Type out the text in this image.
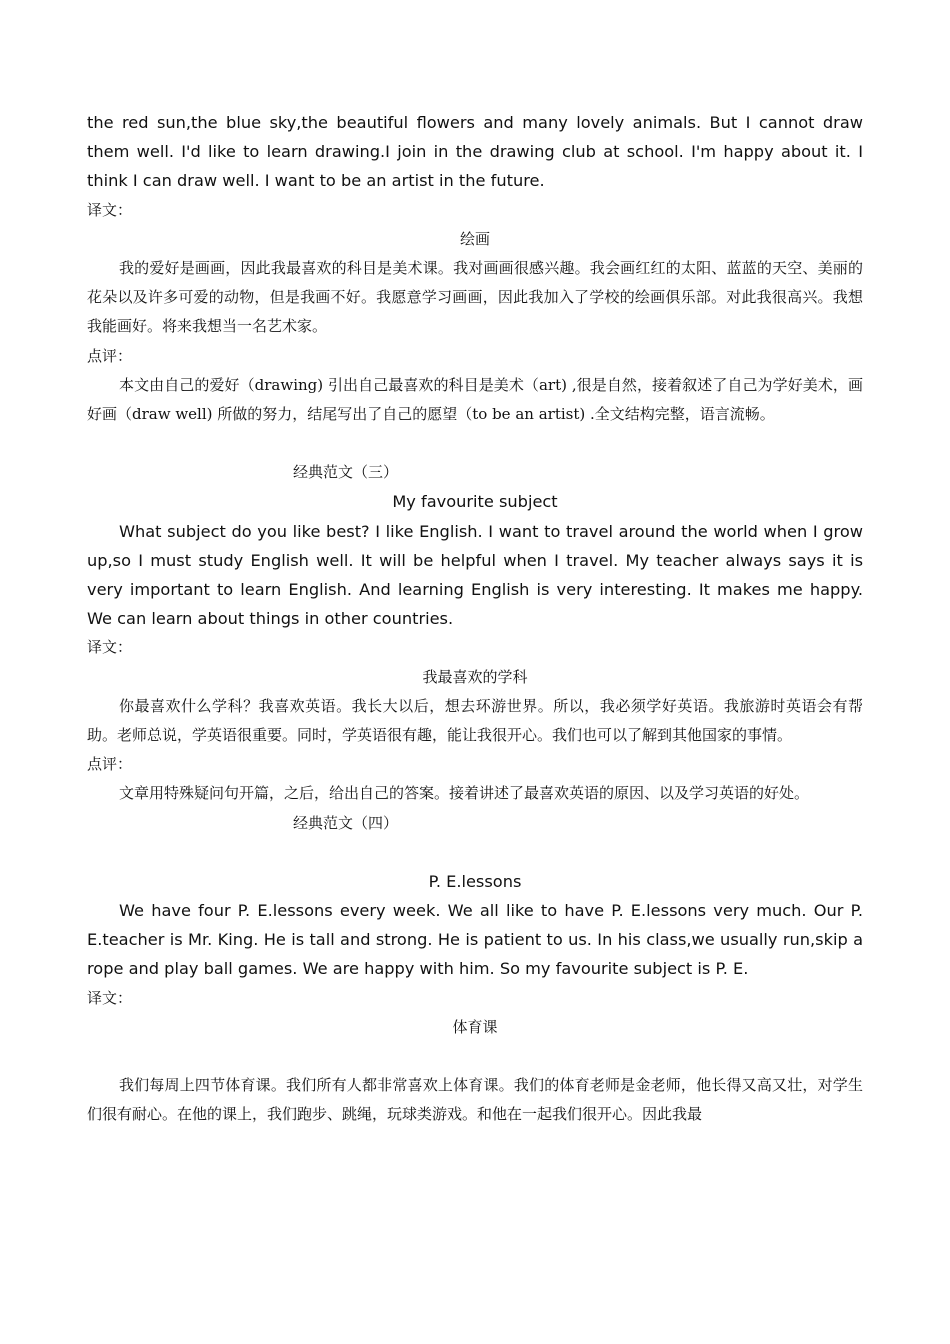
the red sun,the blue sky,the beautiful flowers and many lovely animals. But I cannot draw them well. I'd like to learn drawing.I join in the drawing club at school. I'm happy about it. I think I can draw well. I want to be an artist in the future.

译文：

绘画

我的爱好是画画，因此我最喜欢的科目是美术课。我对画画很感兴趣。我会画红红的太阳、蓝蓝的天空、美丽的花朵以及许多可爱的动物，但是我画不好。我愿意学习画画，因此我加入了学校的绘画俱乐部。对此我很高兴。我想我能画好。将来我想当一名艺术家。

点评：

本文由自己的爱好（drawing) 引出自己最喜欢的科目是美术（art) ,很是自然，接着叙述了自己为学好美术，画好画（draw well) 所做的努力，结尾写出了自己的愿望（to be an artist) .全文结构完整，语言流畅。

经典范文（三）

My favourite subject

What subject do you like best? I like English. I want to travel around the world when I grow up,so I must study English well. It will be helpful when I travel. My teacher always says it is very important to learn English. And learning English is very interesting. It makes me happy. We can learn about things in other countries.

译文：

我最喜欢的学科

你最喜欢什么学科？我喜欢英语。我长大以后，想去环游世界。所以，我必须学好英语。我旅游时英语会有帮助。老师总说，学英语很重要。同时，学英语很有趣，能让我很开心。我们也可以了解到其他国家的事情。

点评：

文章用特殊疑问句开篇，之后，给出自己的答案。接着讲述了最喜欢英语的原因、以及学习英语的好处。

经典范文（四）

P. E.lessons

We have four P. E.lessons every week. We all like to have P. E.lessons very much. Our P. E.teacher is Mr. King. He is tall and strong. He is patient to us. In his class,we usually run,skip a rope and play ball games. We are happy with him. So my favourite subject is P. E.

译文：

体育课

我们每周上四节体育课。我们所有人都非常喜欢上体育课。我们的体育老师是金老师，他长得又高又壮，对学生们很有耐心。在他的课上，我们跑步、跳绳，玩球类游戏。和他在一起我们很开心。因此我最
